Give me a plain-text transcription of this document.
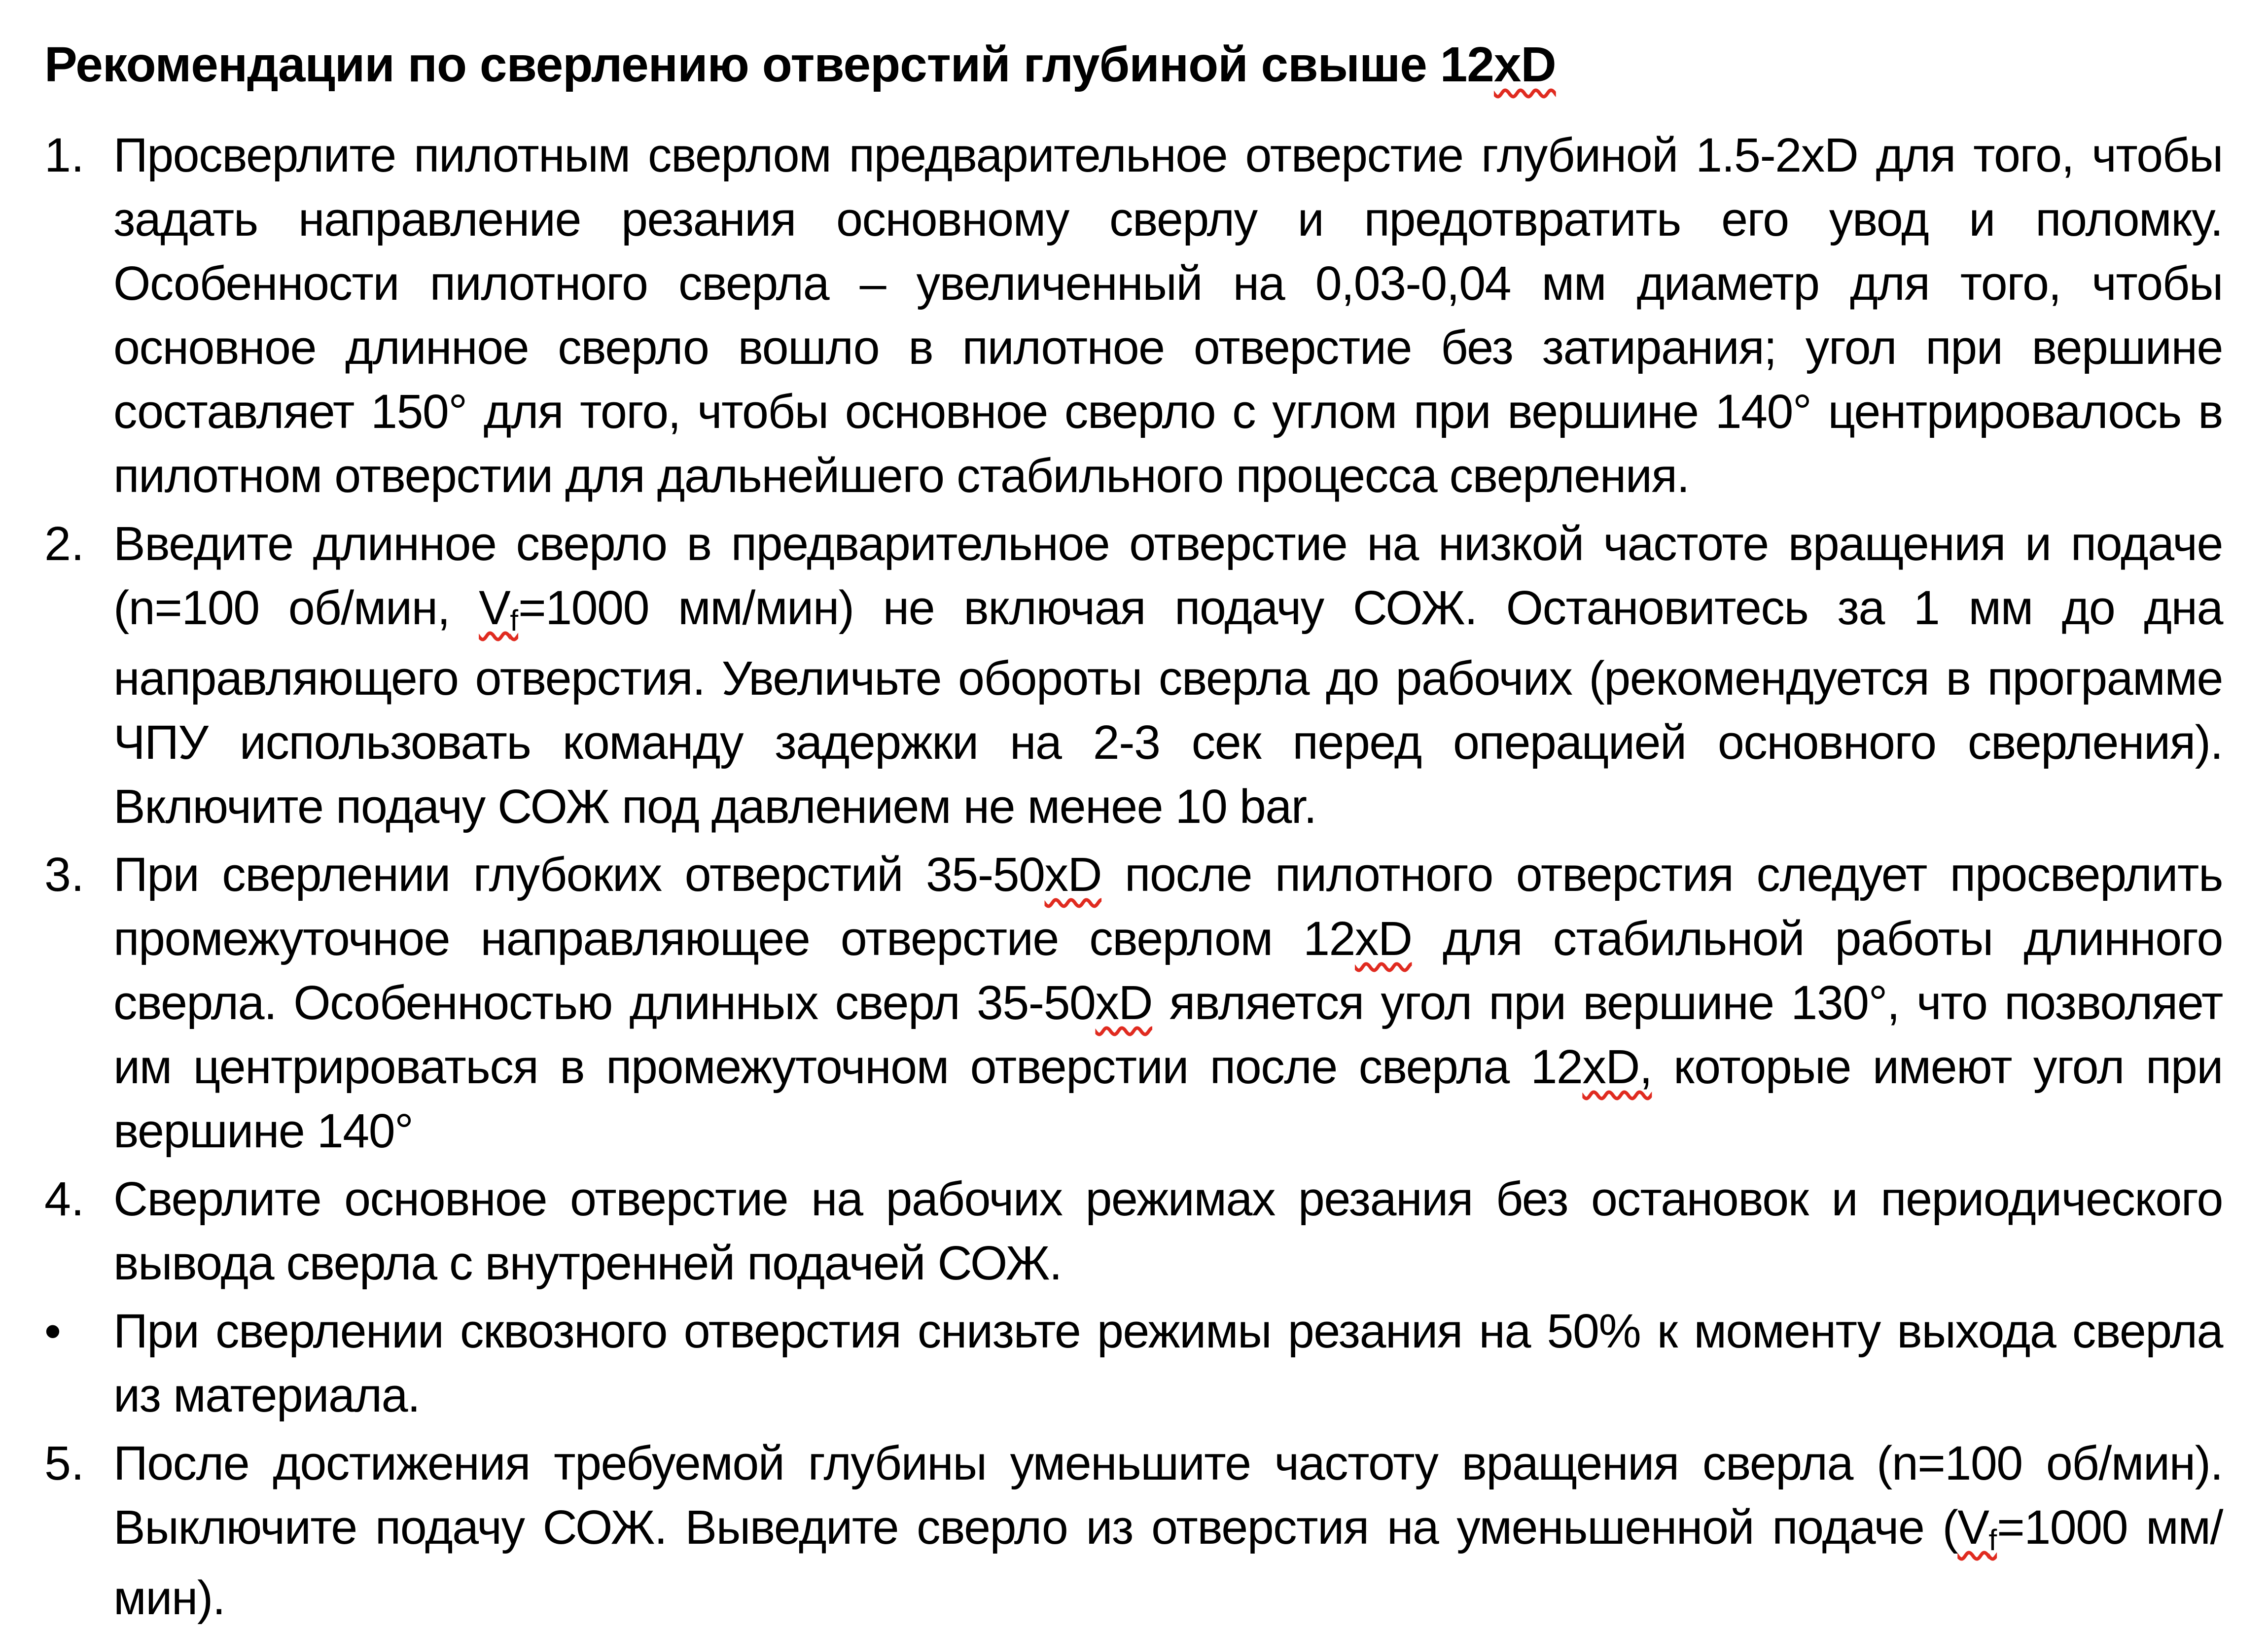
Рекомендации по сверлению отверстий глубиной свыше 12xD
1. Просверлите пилотным сверлом предварительное отверстие глубиной 1.5-2xD для того, чтобы задать направление резания основному сверлу и предотвратить его увод и поломку. Особенности пилотного сверла – увеличенный на 0,03-0,04 мм диаметр для того, чтобы основное длинное сверло вошло в пилотное отверстие без затирания; угол при вершине составляет 150° для того, чтобы основное сверло с углом при вершине 140° центрировалось в пилотном отверстии для дальнейшего стабильного процесса сверления.
2. Введите длинное сверло в предварительное отверстие на низкой частоте вращения и подаче (n=100 об/мин, Vf=1000 мм/мин) не включая подачу СОЖ. Остановитесь за 1 мм до дна направляющего отверстия. Увеличьте обороты сверла до рабочих (рекомендуется в программе ЧПУ использовать команду задержки на 2-3 сек перед операцией основного сверления). Включите подачу СОЖ под давлением не менее 10 bar.
3. При сверлении глубоких отверстий 35-50xD после пилотного отверстия следует просверлить промежуточное направляющее отверстие сверлом 12xD для стабильной работы длинного сверла. Особенностью длинных сверл 35-50xD является угол при вершине 130°, что позволяет им центрироваться в промежуточном отверстии после сверла 12xD, которые имеют угол при вершине 140°
4. Сверлите основное отверстие на рабочих режимах резания без остановок и периодического вывода сверла с внутренней подачей СОЖ.
•	При сверлении сквозного отверстия снизьте режимы резания на 50% к моменту выхода сверла из материала.
5. После достижения требуемой глубины уменьшите частоту вращения сверла (n=100 об/мин). Выключите подачу СОЖ. Выведите сверло из отверстия на уменьшенной подаче (Vf=1000 мм/мин).
